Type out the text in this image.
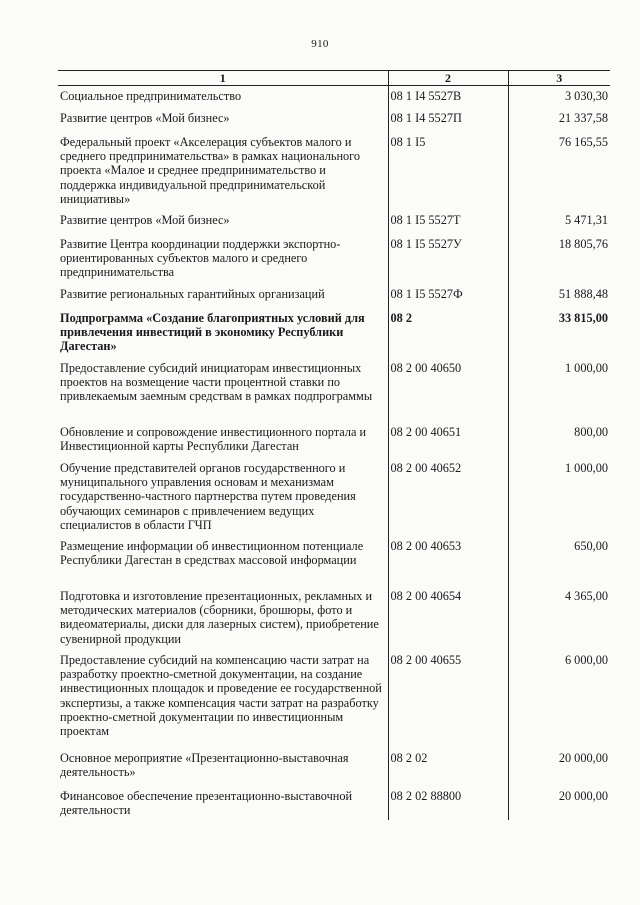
910
1	2	3
Социальное предпринимательство	08 1 I4 5527В	3 030,30
Развитие центров «Мой бизнес»	08 1 I4 5527П	21 337,58
Федеральный проект «Акселерация субъектов малого и среднего предпринимательства» в рамках национального проекта «Малое и среднее предпринимательство и поддержка индивидуальной предпринимательской инициативы»	08 1 I5	76 165,55
Развитие центров «Мой бизнес»	08 1 I5 5527Т	5 471,31
Развитие Центра координации поддержки экспортно-ориентированных субъектов малого и среднего предпринимательства	08 1 I5 5527У	18 805,76
Развитие региональных гарантийных организаций	08 1 I5 5527Ф	51 888,48
Подпрограмма «Создание благоприятных условий для привлечения инвестиций в экономику Республики Дагестан»	08 2	33 815,00
Предоставление субсидий инициаторам инвестиционных проектов на возмещение части процентной ставки по привлекаемым заемным средствам в рамках подпрограммы	08 2 00 40650	1 000,00
Обновление и сопровождение инвестиционного портала и Инвестиционной карты Республики Дагестан	08 2 00 40651	800,00
Обучение представителей органов государственного и муниципального управления основам и механизмам государственно-частного партнерства путем проведения обучающих семинаров с привлечением ведущих специалистов в области ГЧП	08 2 00 40652	1 000,00
Размещение информации об инвестиционном потенциале Республики Дагестан в средствах массовой информации	08 2 00 40653	650,00
Подготовка и изготовление презентационных, рекламных и методических материалов (сборники, брошюры, фото и видеоматериалы, диски для лазерных систем), приобретение сувенирной продукции	08 2 00 40654	4 365,00
Предоставление субсидий на компенсацию части затрат на разработку проектно-сметной документации, на создание инвестиционных площадок и проведение ее государственной экспертизы, а также компенсация части затрат на разработку проектно-сметной документации по инвестиционным проектам	08 2 00 40655	6 000,00
Основное мероприятие «Презентационно-выставочная деятельность»	08 2 02	20 000,00
Финансовое обеспечение презентационно-выставочной деятельности	08 2 02 88800	20 000,00
